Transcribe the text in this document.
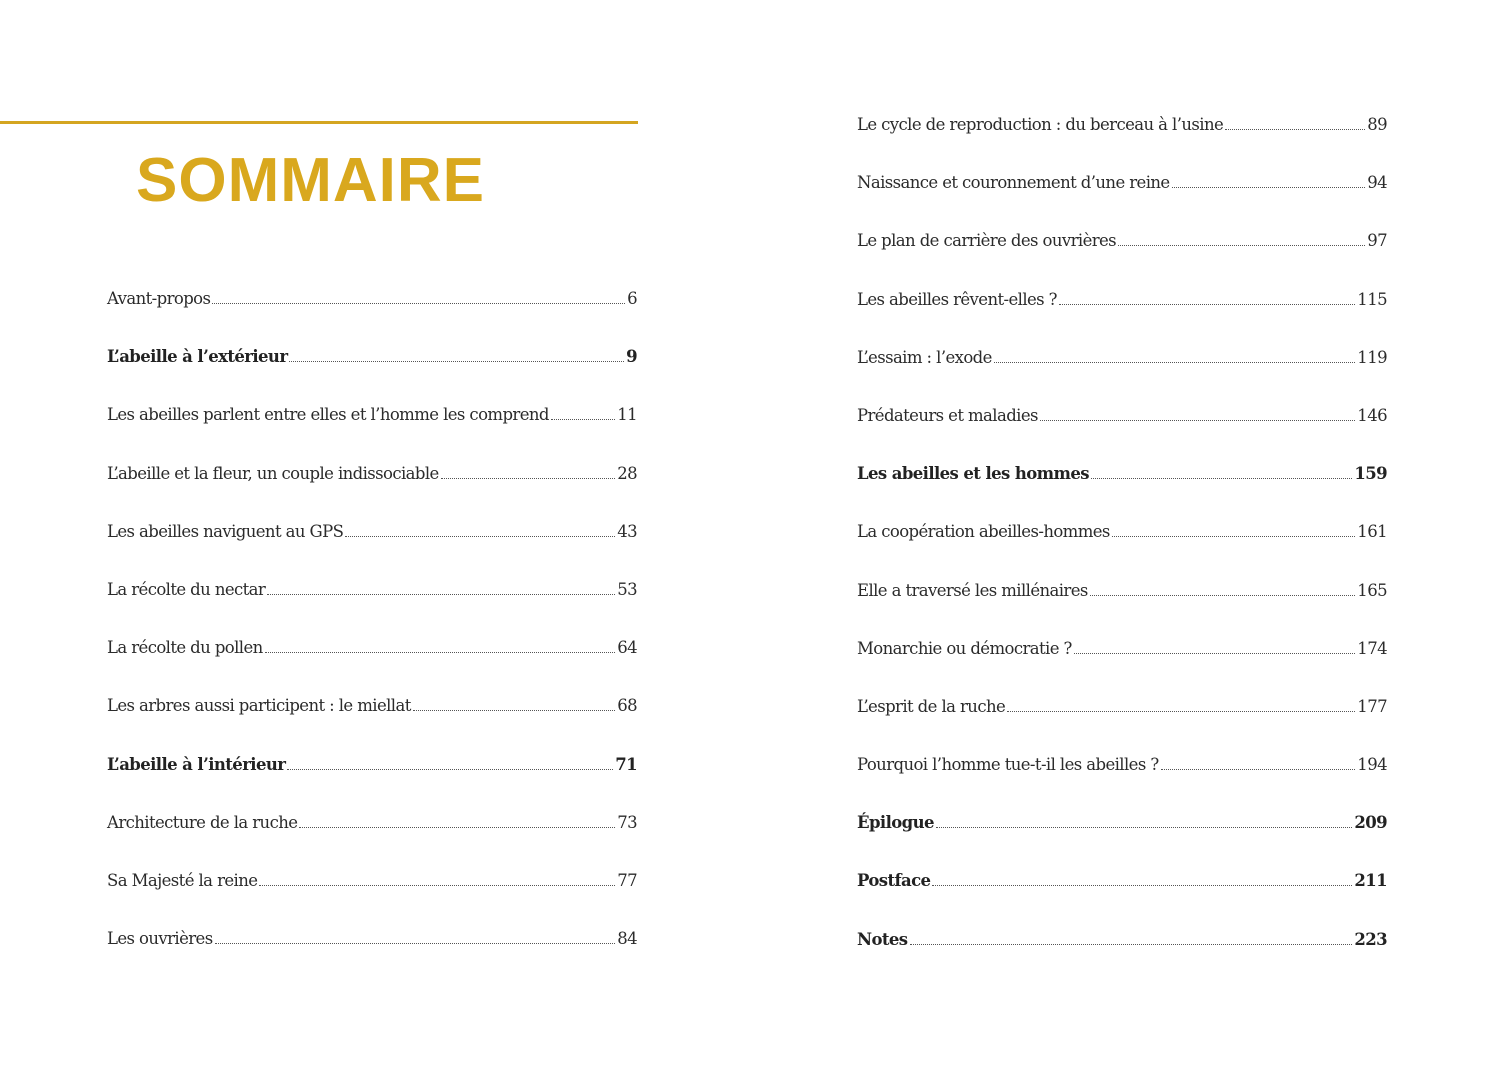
SOMMAIRE
Avant-propos	6
L’abeille à l’extérieur	9
Les abeilles parlent entre elles et l’homme les comprend	11
L’abeille et la fleur, un couple indissociable	28
Les abeilles naviguent au GPS	43
La récolte du nectar	53
La récolte du pollen	64
Les arbres aussi participent : le miellat	68
L’abeille à l’intérieur	71
Architecture de la ruche	73
Sa Majesté la reine	77
Les ouvrières	84
Le cycle de reproduction : du berceau à l’usine	89
Naissance et couronnement d’une reine	94
Le plan de carrière des ouvrières	97
Les abeilles rêvent-elles ?	115
L’essaim : l’exode	119
Prédateurs et maladies	146
Les abeilles et les hommes	159
La coopération abeilles-hommes	161
Elle a traversé les millénaires	165
Monarchie ou démocratie ?	174
L’esprit de la ruche	177
Pourquoi l’homme tue-t-il les abeilles ?	194
Épilogue	209
Postface	211
Notes	223
